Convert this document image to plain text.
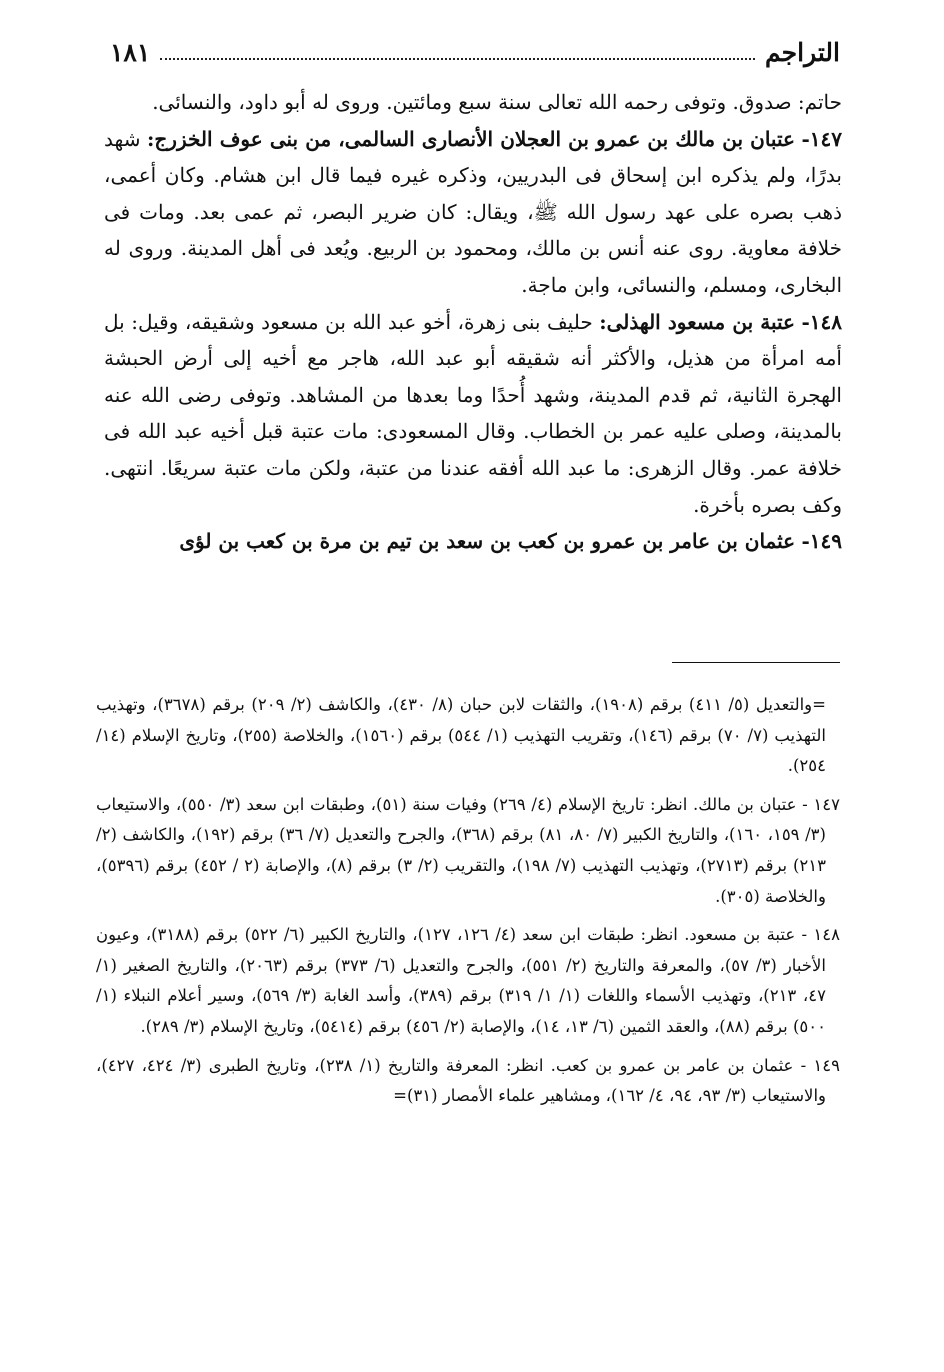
التراجم
١٨١

حاتم: صدوق. وتوفى رحمه الله تعالى سنة سبع ومائتين. وروى له أبو داود، والنسائى.

١٤٧- عتبان بن مالك بن عمرو بن العجلان الأنصارى السالمى، من بنى عوف الخزرج: شهد بدرًا، ولم يذكره ابن إسحاق فى البدريين، وذكره غيره فيما قال ابن هشام. وكان أعمى، ذهب بصره على عهد رسول الله ﷺ، ويقال: كان ضرير البصر، ثم عمى بعد. ومات فى خلافة معاوية. روى عنه أنس بن مالك، ومحمود بن الربيع. ويُعد فى أهل المدينة. وروى له البخارى، ومسلم، والنسائى، وابن ماجة.

١٤٨- عتبة بن مسعود الهذلى: حليف بنى زهرة، أخو عبد الله بن مسعود وشقيقه، وقيل: بل أمه امرأة من هذيل، والأكثر أنه شقيقه أبو عبد الله، هاجر مع أخيه إلى أرض الحبشة الهجرة الثانية، ثم قدم المدينة، وشهد أُحدًا وما بعدها من المشاهد. وتوفى رضى الله عنه بالمدينة، وصلى عليه عمر بن الخطاب. وقال المسعودى: مات عتبة قبل أخيه عبد الله فى خلافة عمر. وقال الزهرى: ما عبد الله أفقه عندنا من عتبة، ولكن مات عتبة سريعًا. انتهى. وكف بصره بأخرة.

١٤٩- عثمان بن عامر بن عمرو بن كعب بن سعد بن تيم بن مرة بن كعب بن لؤى

=والتعديل (٥/ ٤١١) برقم (١٩٠٨)، والثقات لابن حبان (٨/ ٤٣٠)، والكاشف (٢/ ٢٠٩) برقم (٣٦٧٨)، وتهذيب التهذيب (٧/ ٧٠) برقم (١٤٦)، وتقريب التهذيب (١/ ٥٤٤) برقم (١٥٦٠)، والخلاصة (٢٥٥)، وتاريخ الإسلام (١٤/ ٢٥٤).

١٤٧ - عتبان بن مالك. انظر: تاريخ الإسلام (٤/ ٢٦٩) وفيات سنة (٥١)، وطبقات ابن سعد (٣/ ٥٥٠)، والاستيعاب (٣/ ١٥٩، ١٦٠)، والتاريخ الكبير (٧/ ٨٠، ٨١) برقم (٣٦٨)، والجرح والتعديل (٧/ ٣٦) برقم (١٩٢)، والكاشف (٢/ ٢١٣) برقم (٢٧١٣)، وتهذيب التهذيب (٧/ ١٩٨)، والتقريب (٢/ ٣) برقم (٨)، والإصابة (٢ / ٤٥٢) برقم (٥٣٩٦)، والخلاصة (٣٠٥).

١٤٨ - عتبة بن مسعود. انظر: طبقات ابن سعد (٤/ ١٢٦، ١٢٧)، والتاريخ الكبير (٦/ ٥٢٢) برقم (٣١٨٨)، وعيون الأخبار (٣/ ٥٧)، والمعرفة والتاريخ (٢/ ٥٥١)، والجرح والتعديل (٦/ ٣٧٣) برقم (٢٠٦٣)، والتاريخ الصغير (١/ ٤٧، ٢١٣)، وتهذيب الأسماء واللغات (١/ ١/ ٣١٩) برقم (٣٨٩)، وأسد الغابة (٣/ ٥٦٩)، وسير أعلام النبلاء (١/ ٥٠٠) برقم (٨٨)، والعقد الثمين (٦/ ١٣، ١٤)، والإصابة (٢/ ٤٥٦) برقم (٥٤١٤)، وتاريخ الإسلام (٣/ ٢٨٩).

١٤٩ - عثمان بن عامر بن عمرو بن كعب. انظر: المعرفة والتاريخ (١/ ٢٣٨)، وتاريخ الطبرى (٣/ ٤٢٤، ٤٢٧)، والاستيعاب (٣/ ٩٣، ٩٤، ٤/ ١٦٢)، ومشاهير علماء الأمصار (٣١)=
